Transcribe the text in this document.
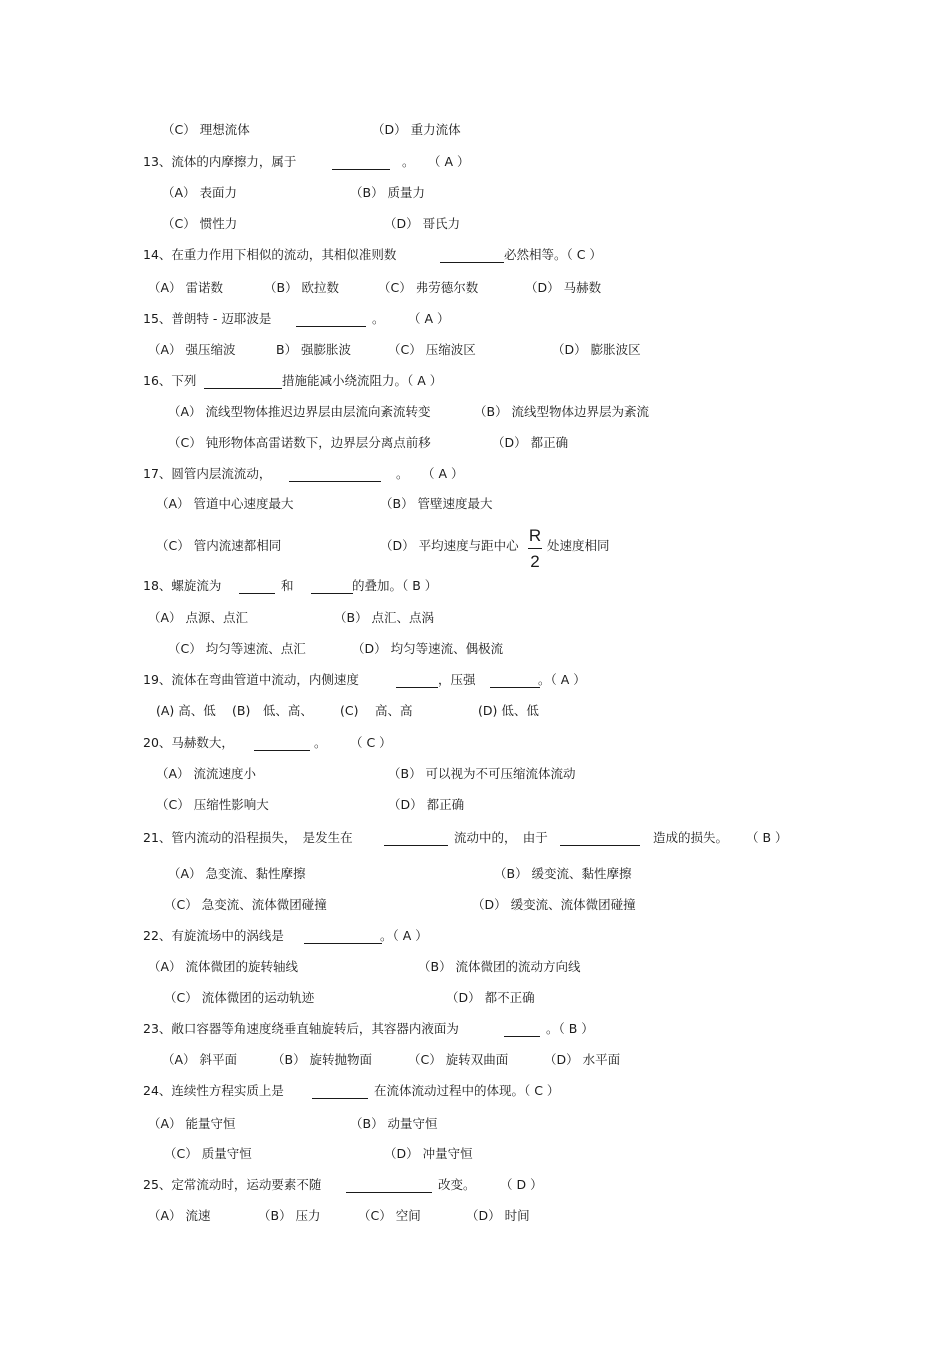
（C） 理想流体	（D） 重力流体
13、流体的内摩擦力，属于	。 （ A ）
（A） 表面力	（B） 质量力
（C） 惯性力	（D） 哥氏力
14、在重力作用下相似的流动，其相似准则数	必然相等。（ C ）
（A） 雷诺数	（B） 欧拉数	（C） 弗劳德尔数	（D） 马赫数
15、普朗特 - 迈耶波是	。 （ A ）
（A） 强压缩波	B） 强膨胀波	（C） 压缩波区	（D） 膨胀波区
16、下列	措施能减小绕流阻力。（ A ）
（A） 流线型物体推迟边界层由层流向紊流转变	（B） 流线型物体边界层为紊流
（C） 钝形物体高雷诺数下，边界层分离点前移	（D） 都正确
17、圆管内层流流动，	。 （ A ）
（A） 管道中心速度最大	（B） 管壁速度最大
（C） 管内流速都相同	（D） 平均速度与距中心
R
2
处速度相同
18、螺旋流为	和	的叠加。（ B ）
（A） 点源、点汇	（B） 点汇、点涡
（C） 均匀等速流、点汇	（D） 均匀等速流、偶极流
19、流体在弯曲管道中流动，内侧速度	，压强	。（ A ）
(A) 高、低 (B)　低、高、 (C)　 高、高	(D) 低、低
20、马赫数大，	。 （ C ）
（A） 流流速度小	（B） 可以视为不可压缩流体流动
（C） 压缩性影响大	（D） 都正确
21、管内流动的沿程损失，　是发生在	流动中的，　由于	造成的损失。 （ B ）
（A） 急变流、黏性摩擦	（B） 缓变流、黏性摩擦
（C） 急变流、流体微团碰撞	（D） 缓变流、流体微团碰撞
22、有旋流场中的涡线是	。（ A ）
（A） 流体微团的旋转轴线	（B） 流体微团的流动方向线
（C） 流体微团的运动轨迹	（D） 都不正确
23、敞口容器等角速度绕垂直轴旋转后，其容器内液面为	。（ B ）
（A） 斜平面	（B） 旋转抛物面	（C） 旋转双曲面	（D） 水平面
24、连续性方程实质上是	在流体流动过程中的体现。（ C ）
（A） 能量守恒	（B） 动量守恒
（C） 质量守恒	（D） 冲量守恒
25、定常流动时，运动要素不随	改变。 （ D ）
（A） 流速	（B） 压力	（C） 空间	（D） 时间
